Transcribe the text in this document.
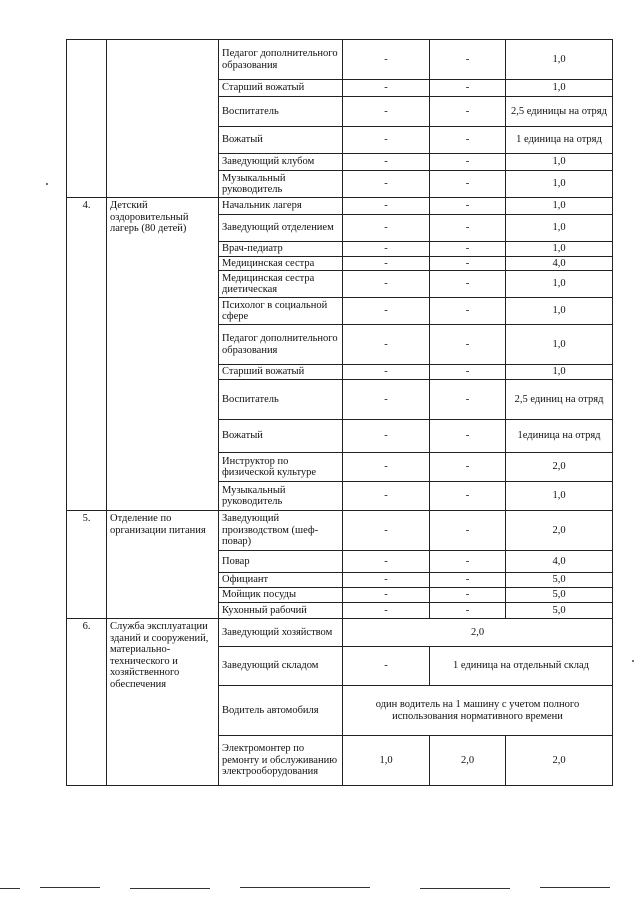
		Педагог дополнительного образования	-	-	1,0
		Старший вожатый	-	-	1,0
		Воспитатель	-	-	2,5 единицы на отряд
		Вожатый	-	-	1 единица на отряд
		Заведующий клубом	-	-	1,0
		Музыкальный руководитель	-	-	1,0
4.	Детский оздоровительный лагерь (80 детей)	Начальник лагеря	-	-	1,0
		Заведующий отделением	-	-	1,0
		Врач-педиатр	-	-	1,0
		Медицинская сестра	-	-	4,0
		Медицинская сестра диетическая	-	-	1,0
		Психолог в социальной сфере	-	-	1,0
		Педагог дополнительного образования	-	-	1,0
		Старший вожатый	-	-	1,0
		Воспитатель	-	-	2,5 единиц на отряд
		Вожатый	-	-	1единица на отряд
		Инструктор по физической культуре	-	-	2,0
		Музыкальный руководитель	-	-	1,0
5.	Отделение по организации питания	Заведующий производством (шеф-повар)	-	-	2,0
		Повар	-	-	4,0
		Официант	-	-	5,0
		Мойщик посуды	-	-	5,0
		Кухонный рабочий	-	-	5,0
6.	Служба эксплуатации зданий и сооружений, материально-технического и хозяйственного обеспечения	Заведующий хозяйством	2,0		
		Заведующий складом	-	1 единица на отдельный склад	
		Водитель автомобиля	один водитель на 1 машину с учетом полного использования нормативного времени		
		Электромонтер по ремонту и обслуживанию электрооборудования	1,0	2,0	2,0
